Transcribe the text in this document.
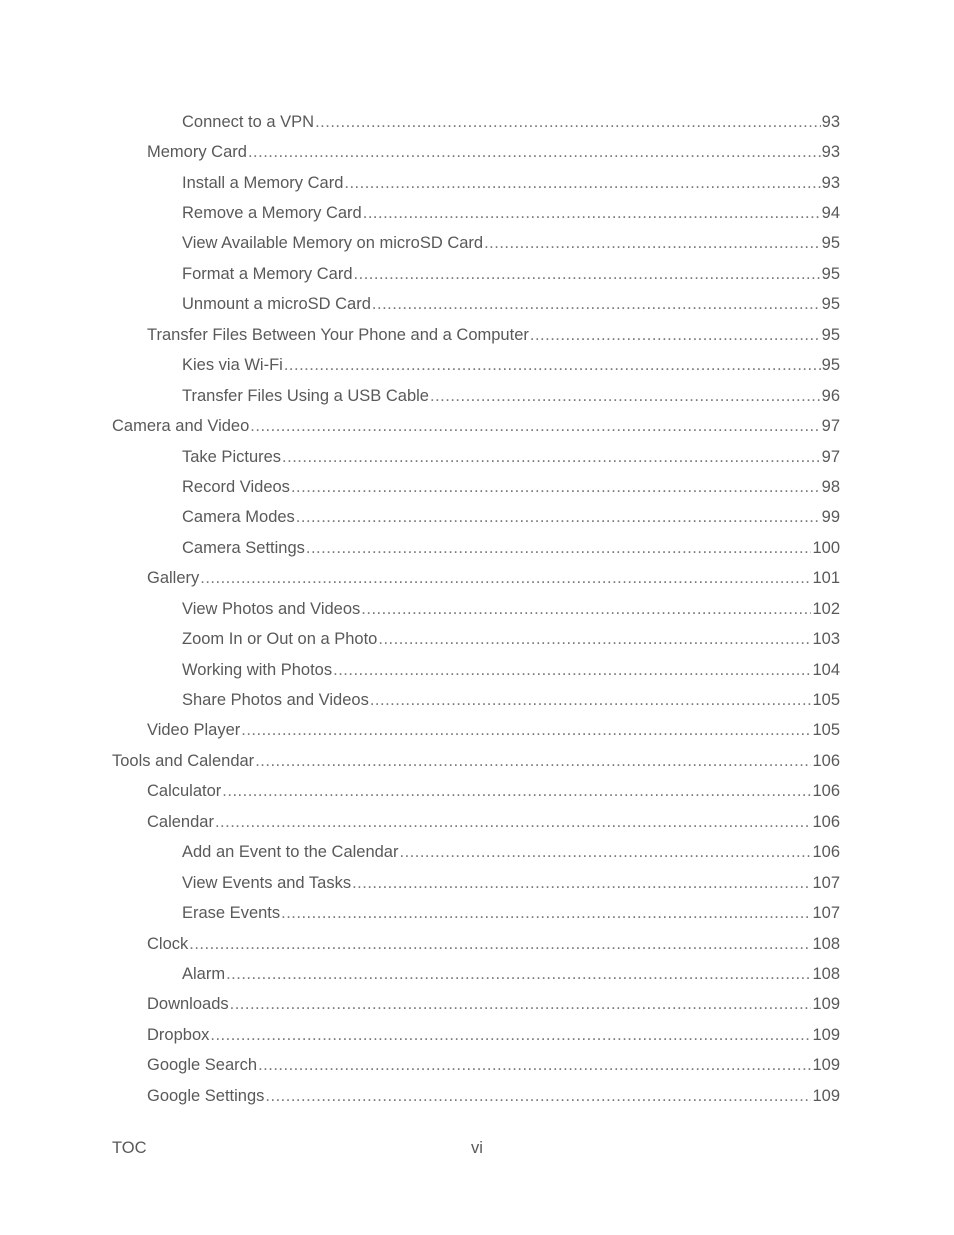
Connect to a VPN .....	93
Memory Card .....	93
Install a Memory Card .....	93
Remove a Memory Card .....	94
View Available Memory on microSD Card .....	95
Format a Memory Card .....	95
Unmount a microSD Card .....	95
Transfer Files Between Your Phone and a Computer .....	95
Kies via Wi-Fi .....	95
Transfer Files Using a USB Cable .....	96
Camera and Video .....	97
Take Pictures .....	97
Record Videos .....	98
Camera Modes .....	99
Camera Settings .....	100
Gallery .....	101
View Photos and Videos .....	102
Zoom In or Out on a Photo .....	103
Working with Photos .....	104
Share Photos and Videos .....	105
Video Player .....	105
Tools and Calendar .....	106
Calculator .....	106
Calendar .....	106
Add an Event to the Calendar .....	106
View Events and Tasks .....	107
Erase Events .....	107
Clock .....	108
Alarm .....	108
Downloads .....	109
Dropbox .....	109
Google Search .....	109
Google Settings .....	109
TOC	vi
